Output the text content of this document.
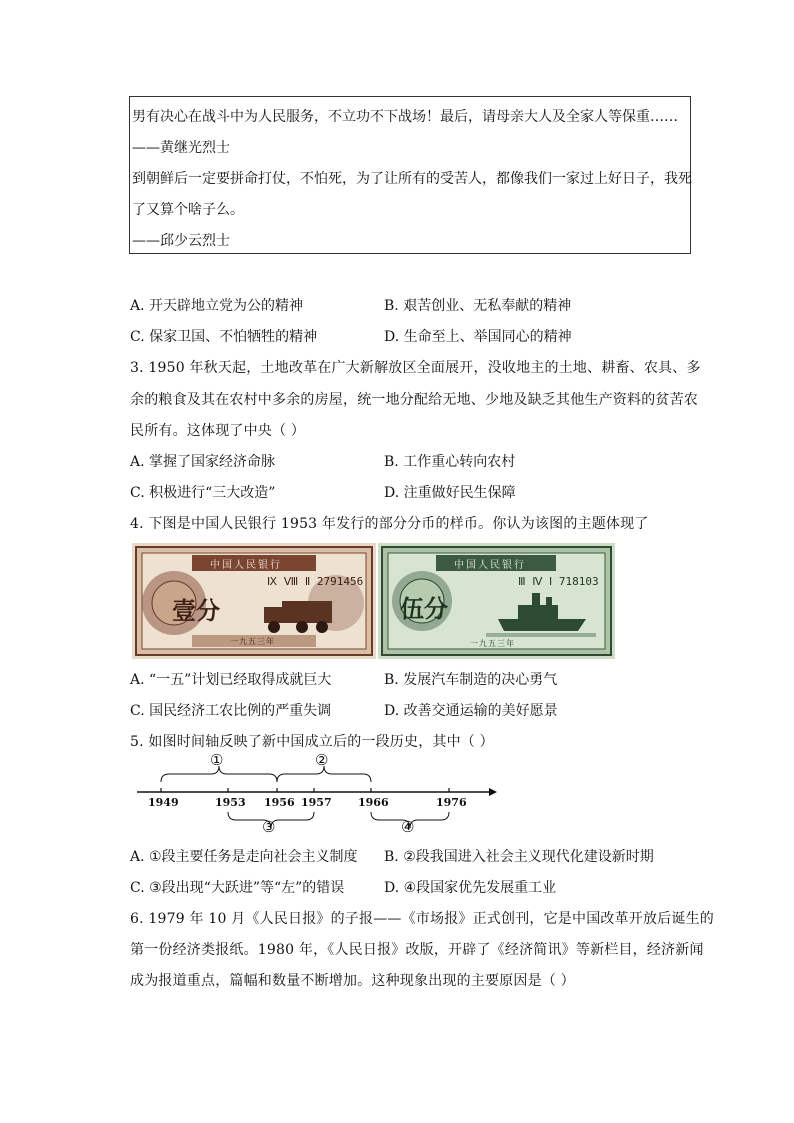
男有决心在战斗中为人民服务，不立功不下战场！最后，请母亲大人及全家人等保重……
——黄继光烈士
到朝鲜后一定要拼命打仗，不怕死，为了让所有的受苦人，都像我们一家过上好日子，我死
了又算个啥子么。
——邱少云烈士
A. 开天辟地立党为公的精神	B. 艰苦创业、无私奉献的精神
C. 保家卫国、不怕牺牲的精神	D. 生命至上、举国同心的精神
3. 1950 年秋天起，土地改革在广大新解放区全面展开，没收地主的土地、耕畜、农具、多
余的粮食及其在农村中多余的房屋，统一地分配给无地、少地及缺乏其他生产资料的贫苦农
民所有。这体现了中央（ ）
A. 掌握了国家经济命脉	B. 工作重心转向农村
C. 积极进行“三大改造”	D. 注重做好民生保障
4. 下图是中国人民银行 1953 年发行的部分分币的样币。你认为该图的主题体现了
中国人民银行
Ⅸ Ⅷ Ⅱ 2791456
壹分
一九五三年
中国人民银行
Ⅲ Ⅳ Ⅰ 718103
伍分
一九五三年
A. “一五”计划已经取得成就巨大	B. 发展汽车制造的决心勇气
C. 国民经济工农比例的严重失调	D. 改善交通运输的美好愿景
5. 如图时间轴反映了新中国成立后的一段历史，其中（ ）
1949	1953 1956 1957 1966	1976
①	②
③	④
A. ①段主要任务是走向社会主义制度 B. ②段我国进入社会主义现代化建设新时期
C. ③段出现“大跃进”等“左”的错误	D. ④段国家优先发展重工业
6. 1979 年 10 月《人民日报》的子报——《市场报》正式创刊，它是中国改革开放后诞生的
第一份经济类报纸。1980 年，《人民日报》改版，开辟了《经济简讯》等新栏目，经济新闻
成为报道重点，篇幅和数量不断增加。这种现象出现的主要原因是（ ）
